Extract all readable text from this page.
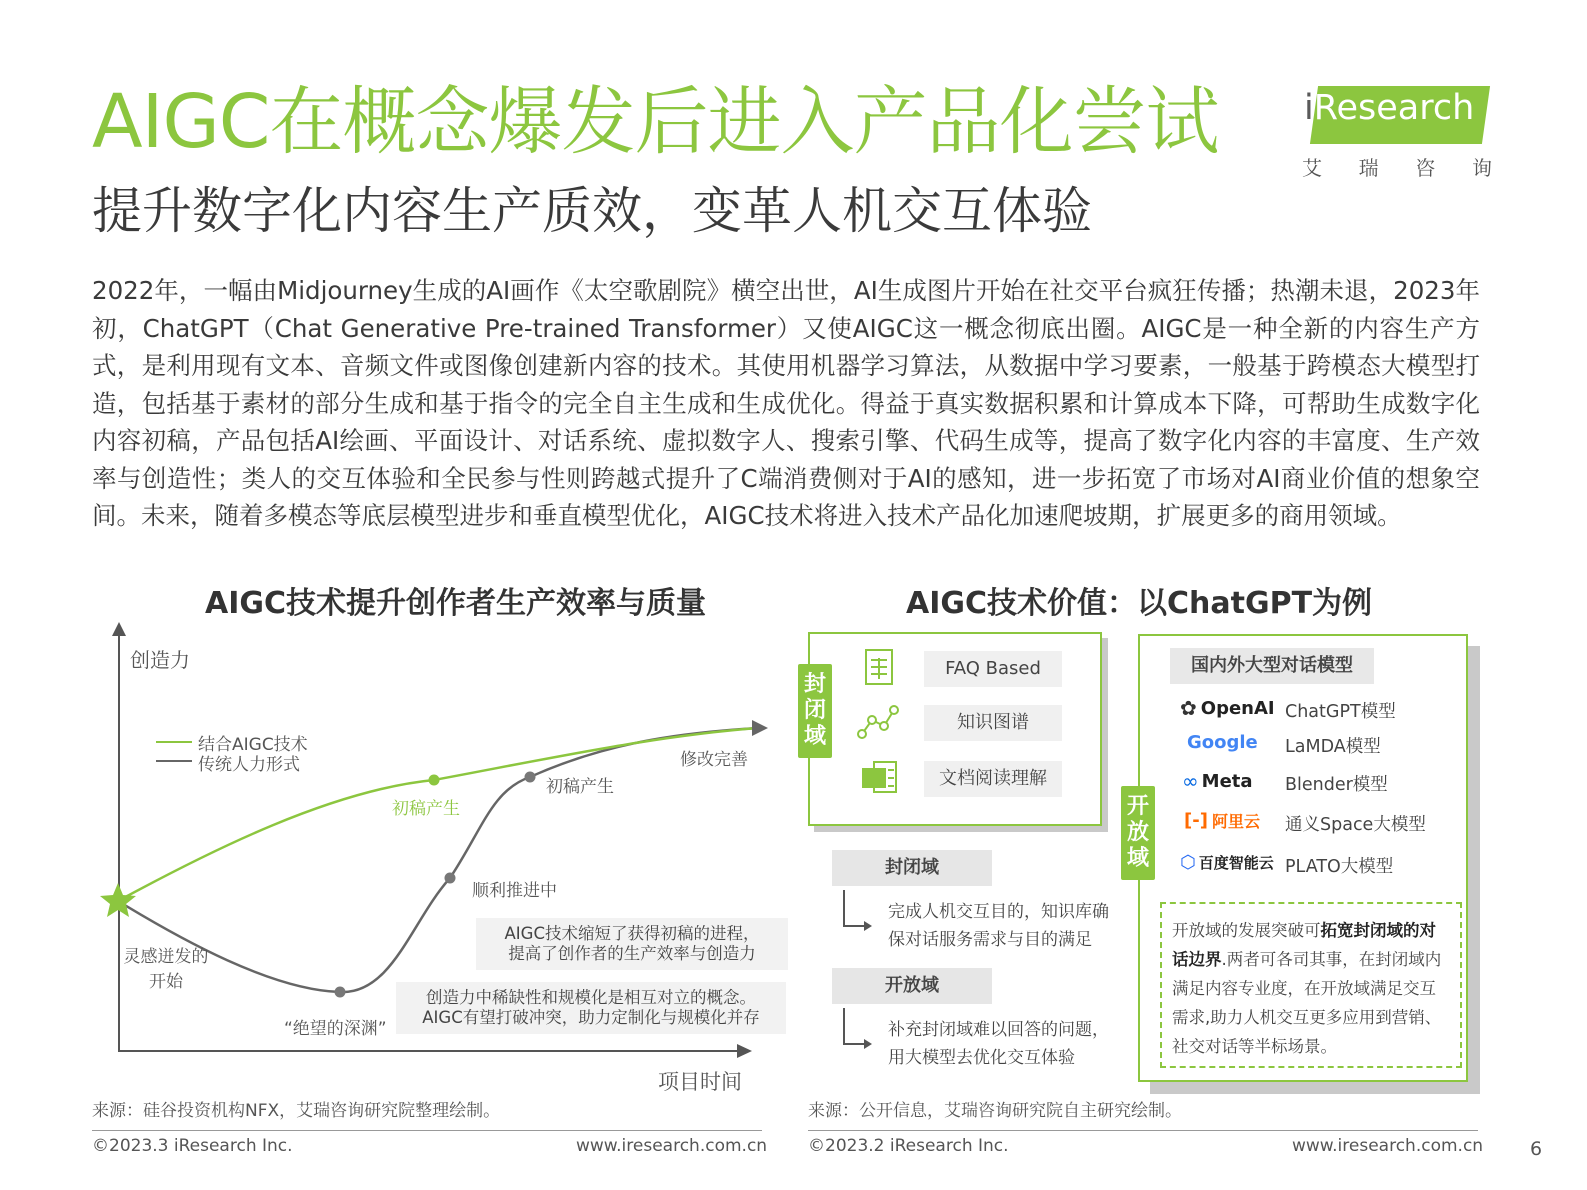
AIGC在概念爆发后进入产品化尝试
提升数字化内容生产质效，变革人机交互体验
iResearch
艾 瑞 咨 询
2022年，一幅由Midjourney生成的AI画作《太空歌剧院》横空出世，AI生成图片开始在社交平台疯狂传播；热潮未退，2023年初，ChatGPT（Chat Generative Pre-trained Transformer）又使AIGC这一概念彻底出圈。AIGC是一种全新的内容生产方式，是利用现有文本、音频文件或图像创建新内容的技术。其使用机器学习算法，从数据中学习要素，一般基于跨模态大模型打造，包括基于素材的部分生成和基于指令的完全自主生成和生成优化。得益于真实数据积累和计算成本下降，可帮助生成数字化内容初稿，产品包括AI绘画、平面设计、对话系统、虚拟数字人、搜索引擎、代码生成等，提高了数字化内容的丰富度、生产效率与创造性；类人的交互体验和全民参与性则跨越式提升了C端消费侧对于AI的感知，进一步拓宽了市场对AI商业价值的想象空间。未来，随着多模态等底层模型进步和垂直模型优化，AIGC技术将进入技术产品化加速爬坡期，扩展更多的商用领域。
AIGC技术提升创作者生产效率与质量
创造力
项目时间
结合AIGC技术
传统人力形式
灵感迸发的
开始
“绝望的深渊”
顺利推进中
初稿产生
初稿产生
修改完善
AIGC技术缩短了获得初稿的进程，
提高了创作者的生产效率与创造力
创造力中稀缺性和规模化是相互对立的概念。
AIGC有望打破冲突，助力定制化与规模化并存
来源：硅谷投资机构NFX，艾瑞咨询研究院整理绘制。
AIGC技术价值：以ChatGPT为例
封
闭
域
FAQ Based
知识图谱
文档阅读理解
封闭域
完成人机交互目的，知识库确
保对话服务需求与目的满足
开放域
补充封闭域难以回答的问题，
用大模型去优化交互体验
开
放
域
国内外大型对话模型
✿ OpenAI ChatGPT模型
Google LaMDA模型
∞ Meta Blender模型
[-] 阿里云 通义Space大模型
⬡ 百度智能云 PLATO大模型
开放域的发展突破可拓宽封闭域的对话边界.两者可各司其事，在封闭域内满足内容专业度，在开放域满足交互需求,助力人机交互更多应用到营销、社交对话等半标场景。
来源：公开信息，艾瑞咨询研究院自主研究绘制。
©2023.3 iResearch Inc.	www.iresearch.com.cn ©2023.2 iResearch Inc.	www.iresearch.com.cn 6
